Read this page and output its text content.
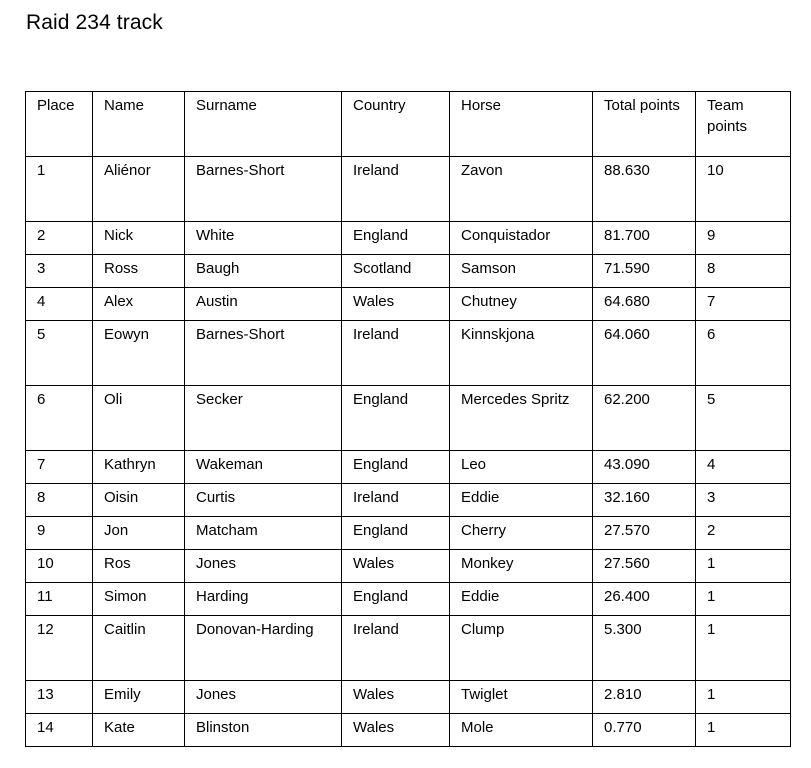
Raid 234 track
Place	Name	Surname	Country	Horse	Total points	Team points
1	Aliénor	Barnes-Short	Ireland	Zavon	88.630	10
2	Nick	White	England	Conquistador	81.700	9
3	Ross	Baugh	Scotland	Samson	71.590	8
4	Alex	Austin	Wales	Chutney	64.680	7
5	Eowyn	Barnes-Short	Ireland	Kinnskjona	64.060	6
6	Oli	Secker	England	Mercedes Spritz	62.200	5
7	Kathryn	Wakeman	England	Leo	43.090	4
8	Oisin	Curtis	Ireland	Eddie	32.160	3
9	Jon	Matcham	England	Cherry	27.570	2
10	Ros	Jones	Wales	Monkey	27.560	1
11	Simon	Harding	England	Eddie	26.400	1
12	Caitlin	Donovan-Harding	Ireland	Clump	5.300	1
13	Emily	Jones	Wales	Twiglet	2.810	1
14	Kate	Blinston	Wales	Mole	0.770	1
